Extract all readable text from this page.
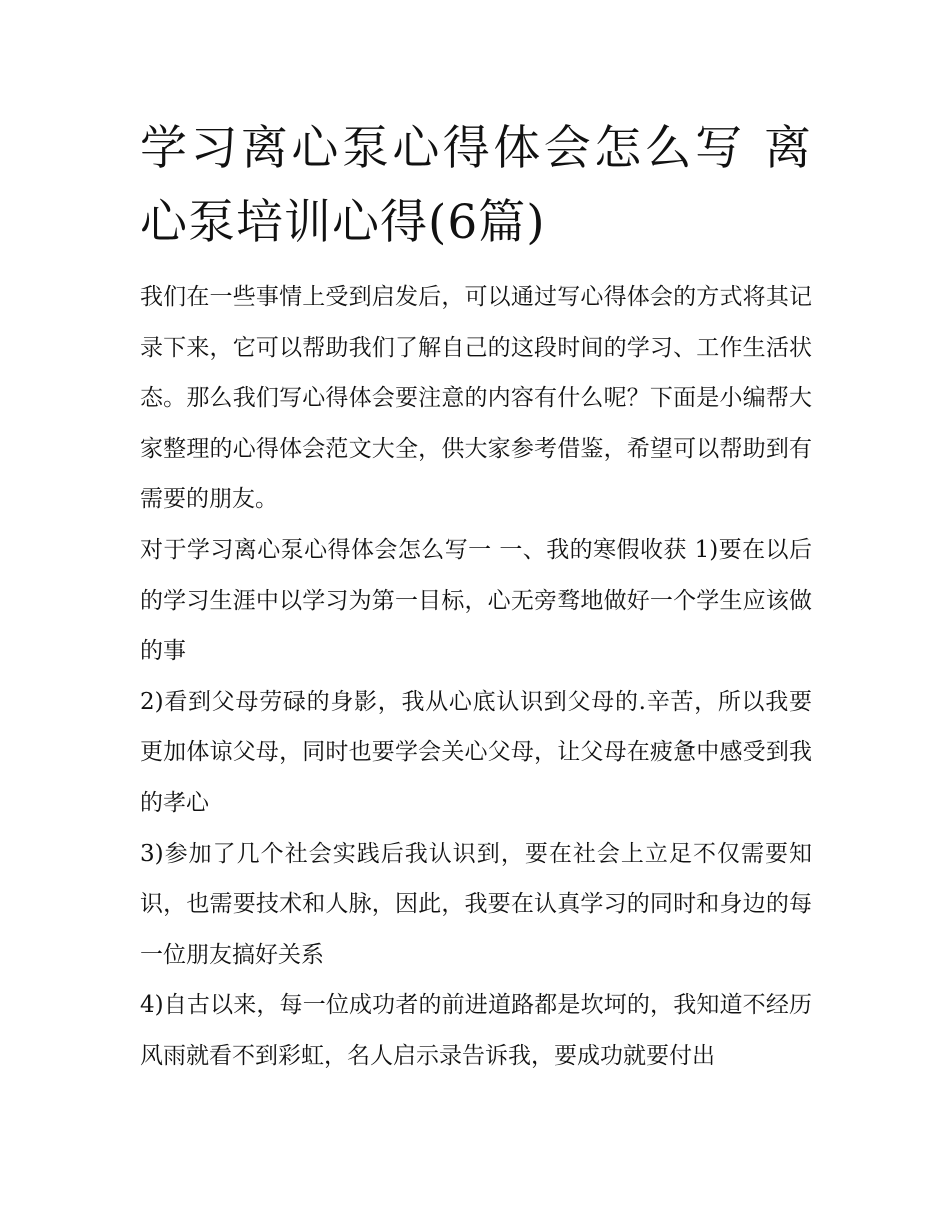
学习离心泵心得体会怎么写 离心泵培训心得(6篇)

我们在一些事情上受到启发后，可以通过写心得体会的方式将其记录下来，它可以帮助我们了解自己的这段时间的学习、工作生活状态。那么我们写心得体会要注意的内容有什么呢？下面是小编帮大家整理的心得体会范文大全，供大家参考借鉴，希望可以帮助到有需要的朋友。

对于学习离心泵心得体会怎么写一 一、我的寒假收获 1)要在以后的学习生涯中以学习为第一目标，心无旁骛地做好一个学生应该做的事

2)看到父母劳碌的身影，我从心底认识到父母的.辛苦，所以我要更加体谅父母，同时也要学会关心父母，让父母在疲惫中感受到我的孝心

3)参加了几个社会实践后我认识到，要在社会上立足不仅需要知识，也需要技术和人脉，因此，我要在认真学习的同时和身边的每一位朋友搞好关系

4)自古以来，每一位成功者的前进道路都是坎坷的，我知道不经历风雨就看不到彩虹，名人启示录告诉我，要成功就要付出
